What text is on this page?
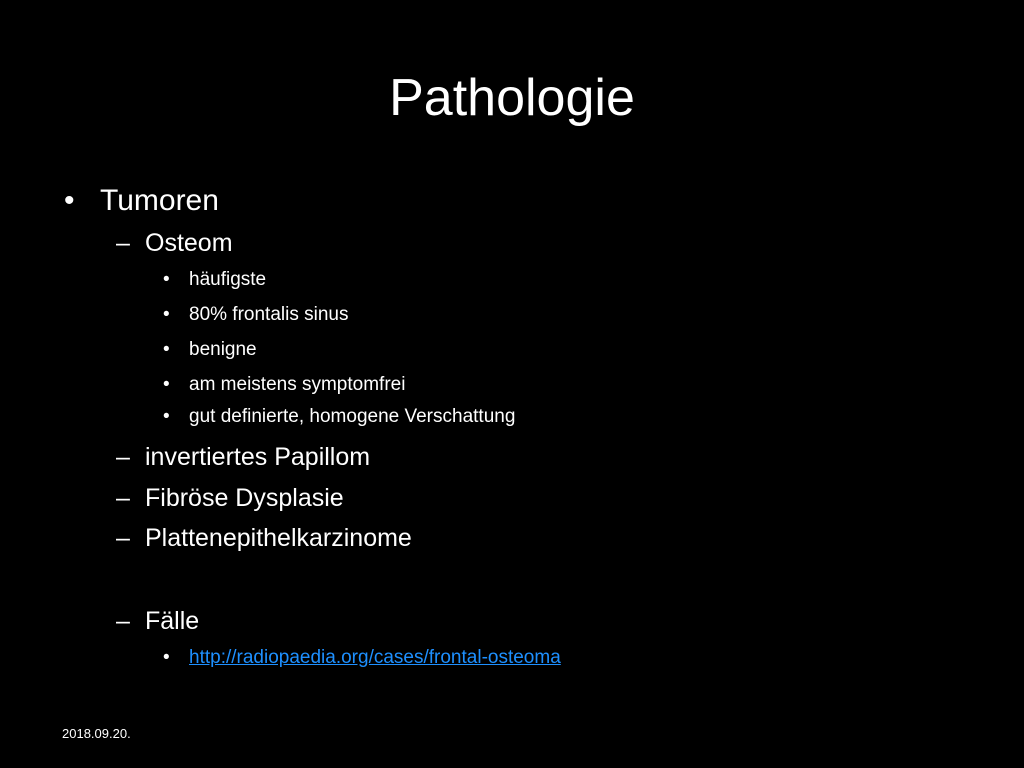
Pathologie
• Tumoren
– Osteom
• häufigste
• 80% frontalis sinus
• benigne
• am meistens symptomfrei
• gut definierte, homogene Verschattung
– invertiertes Papillom
– Fibröse Dysplasie
– Plattenepithelkarzinome
– Fälle
• http://radiopaedia.org/cases/frontal-osteoma
2018.09.20.
